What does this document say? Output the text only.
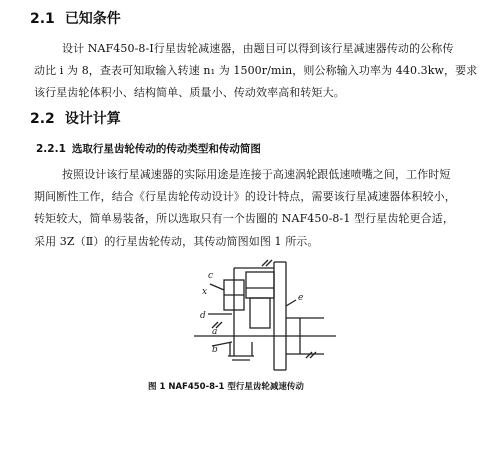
2.1 已知条件
设计 NAF450-8-Ⅰ行星齿轮减速器，由题目可以得到该行星减速器传动的公称传
动比 i 为 8，查表可知取输入转速 n₁ 为 1500r/min，则公称输入功率为 440.3kw，要求
该行星齿轮体积小、结构简单、质量小、传动效率高和转矩大。
2.2 设计计算
2.2.1 选取行星齿轮传动的传动类型和传动简图
按照设计该行星减速器的实际用途是连接于高速涡轮跟低速喷嘴之间，工作时短
期间断性工作，结合《行星齿轮传动设计》的设计特点，需要该行星减速器体积较小，
转矩较大，简单易装备，所以选取只有一个齿圈的 NAF450-8-1 型行星齿轮更合适，
采用 3Z（Ⅱ）的行星齿轮传动，其传动简图如图 1 所示。
c
x
d
e
a
b
图 1 NAF450-8-1 型行星齿轮减速传动
